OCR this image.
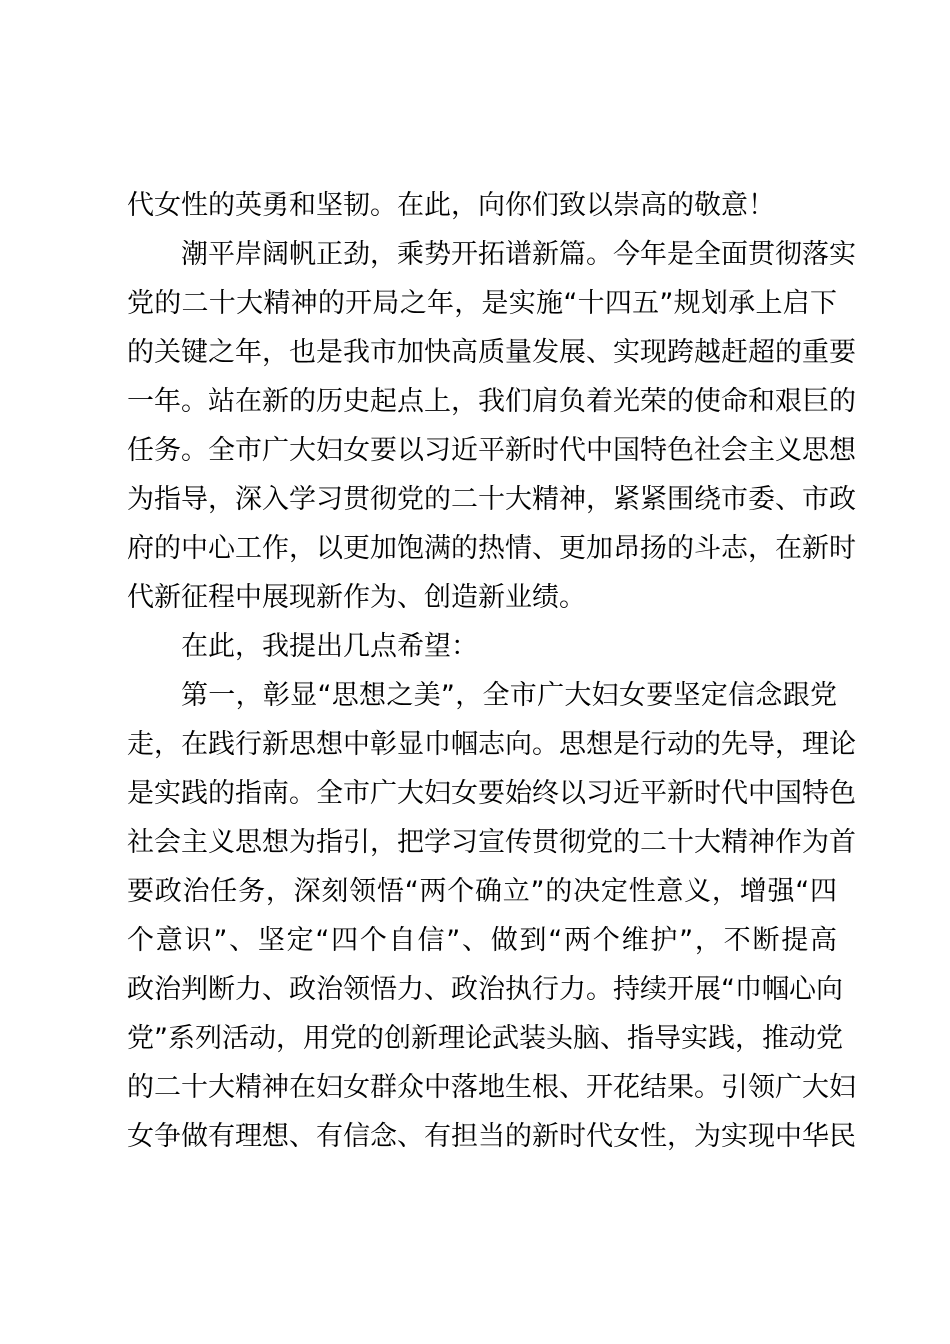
代女性的英勇和坚韧。在此，向你们致以崇高的敬意！
潮平岸阔帆正劲，乘势开拓谱新篇。今年是全面贯彻落实
党的二十大精神的开局之年，是实施“十四五”规划承上启下
的关键之年，也是我市加快高质量发展、实现跨越赶超的重要
一年。站在新的历史起点上，我们肩负着光荣的使命和艰巨的
任务。全市广大妇女要以习近平新时代中国特色社会主义思想
为指导，深入学习贯彻党的二十大精神，紧紧围绕市委、市政
府的中心工作，以更加饱满的热情、更加昂扬的斗志，在新时
代新征程中展现新作为、创造新业绩。
在此，我提出几点希望：
第一，彰显“思想之美”，全市广大妇女要坚定信念跟党
走，在践行新思想中彰显巾帼志向。思想是行动的先导，理论
是实践的指南。全市广大妇女要始终以习近平新时代中国特色
社会主义思想为指引，把学习宣传贯彻党的二十大精神作为首
要政治任务，深刻领悟“两个确立”的决定性意义，增强“四
个意识”、坚定“四个自信”、做到“两个维护”，不断提高
政治判断力、政治领悟力、政治执行力。持续开展“巾帼心向
党”系列活动，用党的创新理论武装头脑、指导实践，推动党
的二十大精神在妇女群众中落地生根、开花结果。引领广大妇
女争做有理想、有信念、有担当的新时代女性，为实现中华民
